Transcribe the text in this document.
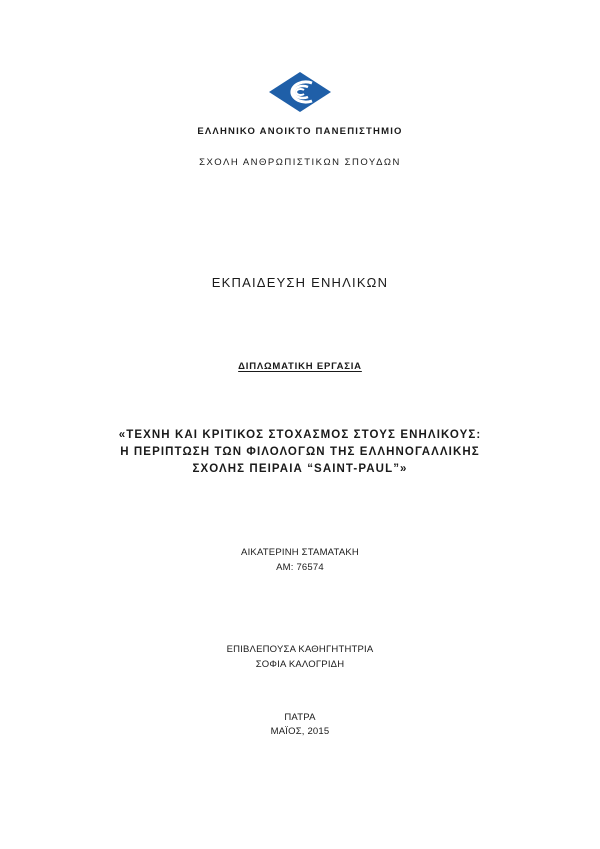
ΕΛΛΗΝΙΚΟ ΑΝΟΙΚΤΟ ΠΑΝΕΠΙΣΤΗΜΙΟ
ΣΧΟΛΗ ΑΝΘΡΩΠΙΣΤΙΚΩΝ ΣΠΟΥΔΩΝ
ΕΚΠΑΙΔΕΥΣΗ ΕΝΗΛΙΚΩΝ
ΔΙΠΛΩΜΑΤΙΚΗ ΕΡΓΑΣΙΑ
«ΤΕΧΝΗ ΚΑΙ ΚΡΙΤΙΚΟΣ ΣΤΟΧΑΣΜΟΣ ΣΤΟΥΣ ΕΝΗΛΙΚΟΥΣ:
Η ΠΕΡΙΠΤΩΣΗ ΤΩΝ ΦΙΛΟΛΟΓΩΝ ΤΗΣ ΕΛΛΗΝΟΓΑΛΛΙΚΗΣ
ΣΧΟΛΗΣ ΠΕΙΡΑΙΑ “SAINT-PAUL”»
ΑΙΚΑΤΕΡΙΝΗ ΣΤΑΜΑΤΑΚΗ
ΑΜ: 76574
ΕΠΙΒΛΕΠΟΥΣΑ ΚΑΘΗΓΗΤΗΤΡΙΑ
ΣΟΦΙΑ ΚΑΛΟΓΡΙΔΗ
ΠΑΤΡΑ
ΜΑΪΟΣ, 2015
